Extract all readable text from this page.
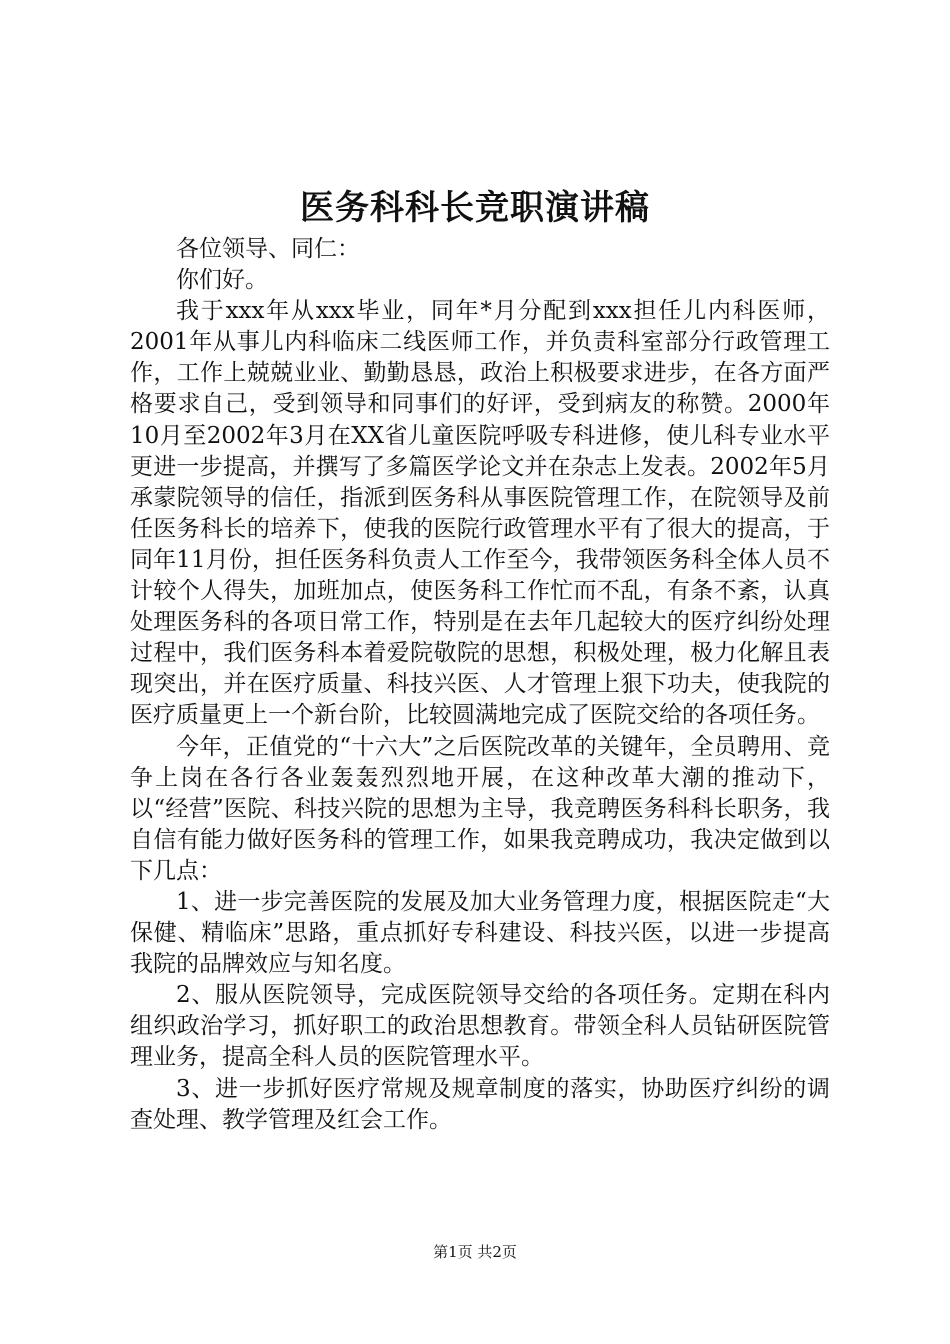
医务科科长竞职演讲稿

各位领导、同仁：

你们好。

我于xxx年从xxx毕业，同年*月分配到xxx担任儿内科医师，2001年从事儿内科临床二线医师工作，并负责科室部分行政管理工作，工作上兢兢业业、勤勤恳恳，政治上积极要求进步，在各方面严格要求自己，受到领导和同事们的好评，受到病友的称赞。2000年10月至2002年3月在XX省儿童医院呼吸专科进修，使儿科专业水平更进一步提高，并撰写了多篇医学论文并在杂志上发表。2002年5月承蒙院领导的信任，指派到医务科从事医院管理工作，在院领导及前任医务科长的培养下，使我的医院行政管理水平有了很大的提高，于同年11月份，担任医务科负责人工作至今，我带领医务科全体人员不计较个人得失，加班加点，使医务科工作忙而不乱，有条不紊，认真处理医务科的各项日常工作，特别是在去年几起较大的医疗纠纷处理过程中，我们医务科本着爱院敬院的思想，积极处理，极力化解且表现突出，并在医疗质量、科技兴医、人才管理上狠下功夫，使我院的医疗质量更上一个新台阶，比较圆满地完成了医院交给的各项任务。

今年，正值党的“十六大”之后医院改革的关键年，全员聘用、竞争上岗在各行各业轰轰烈烈地开展，在这种改革大潮的推动下，以“经营”医院、科技兴院的思想为主导，我竞聘医务科科长职务，我自信有能力做好医务科的管理工作，如果我竞聘成功，我决定做到以下几点：

1、进一步完善医院的发展及加大业务管理力度，根据医院走“大保健、精临床”思路，重点抓好专科建设、科技兴医，以进一步提高我院的品牌效应与知名度。

2、服从医院领导，完成医院领导交给的各项任务。定期在科内组织政治学习，抓好职工的政治思想教育。带领全科人员钻研医院管理业务，提高全科人员的医院管理水平。

3、进一步抓好医疗常规及规章制度的落实，协助医疗纠纷的调查处理、教学管理及红会工作。

第1页 共2页
